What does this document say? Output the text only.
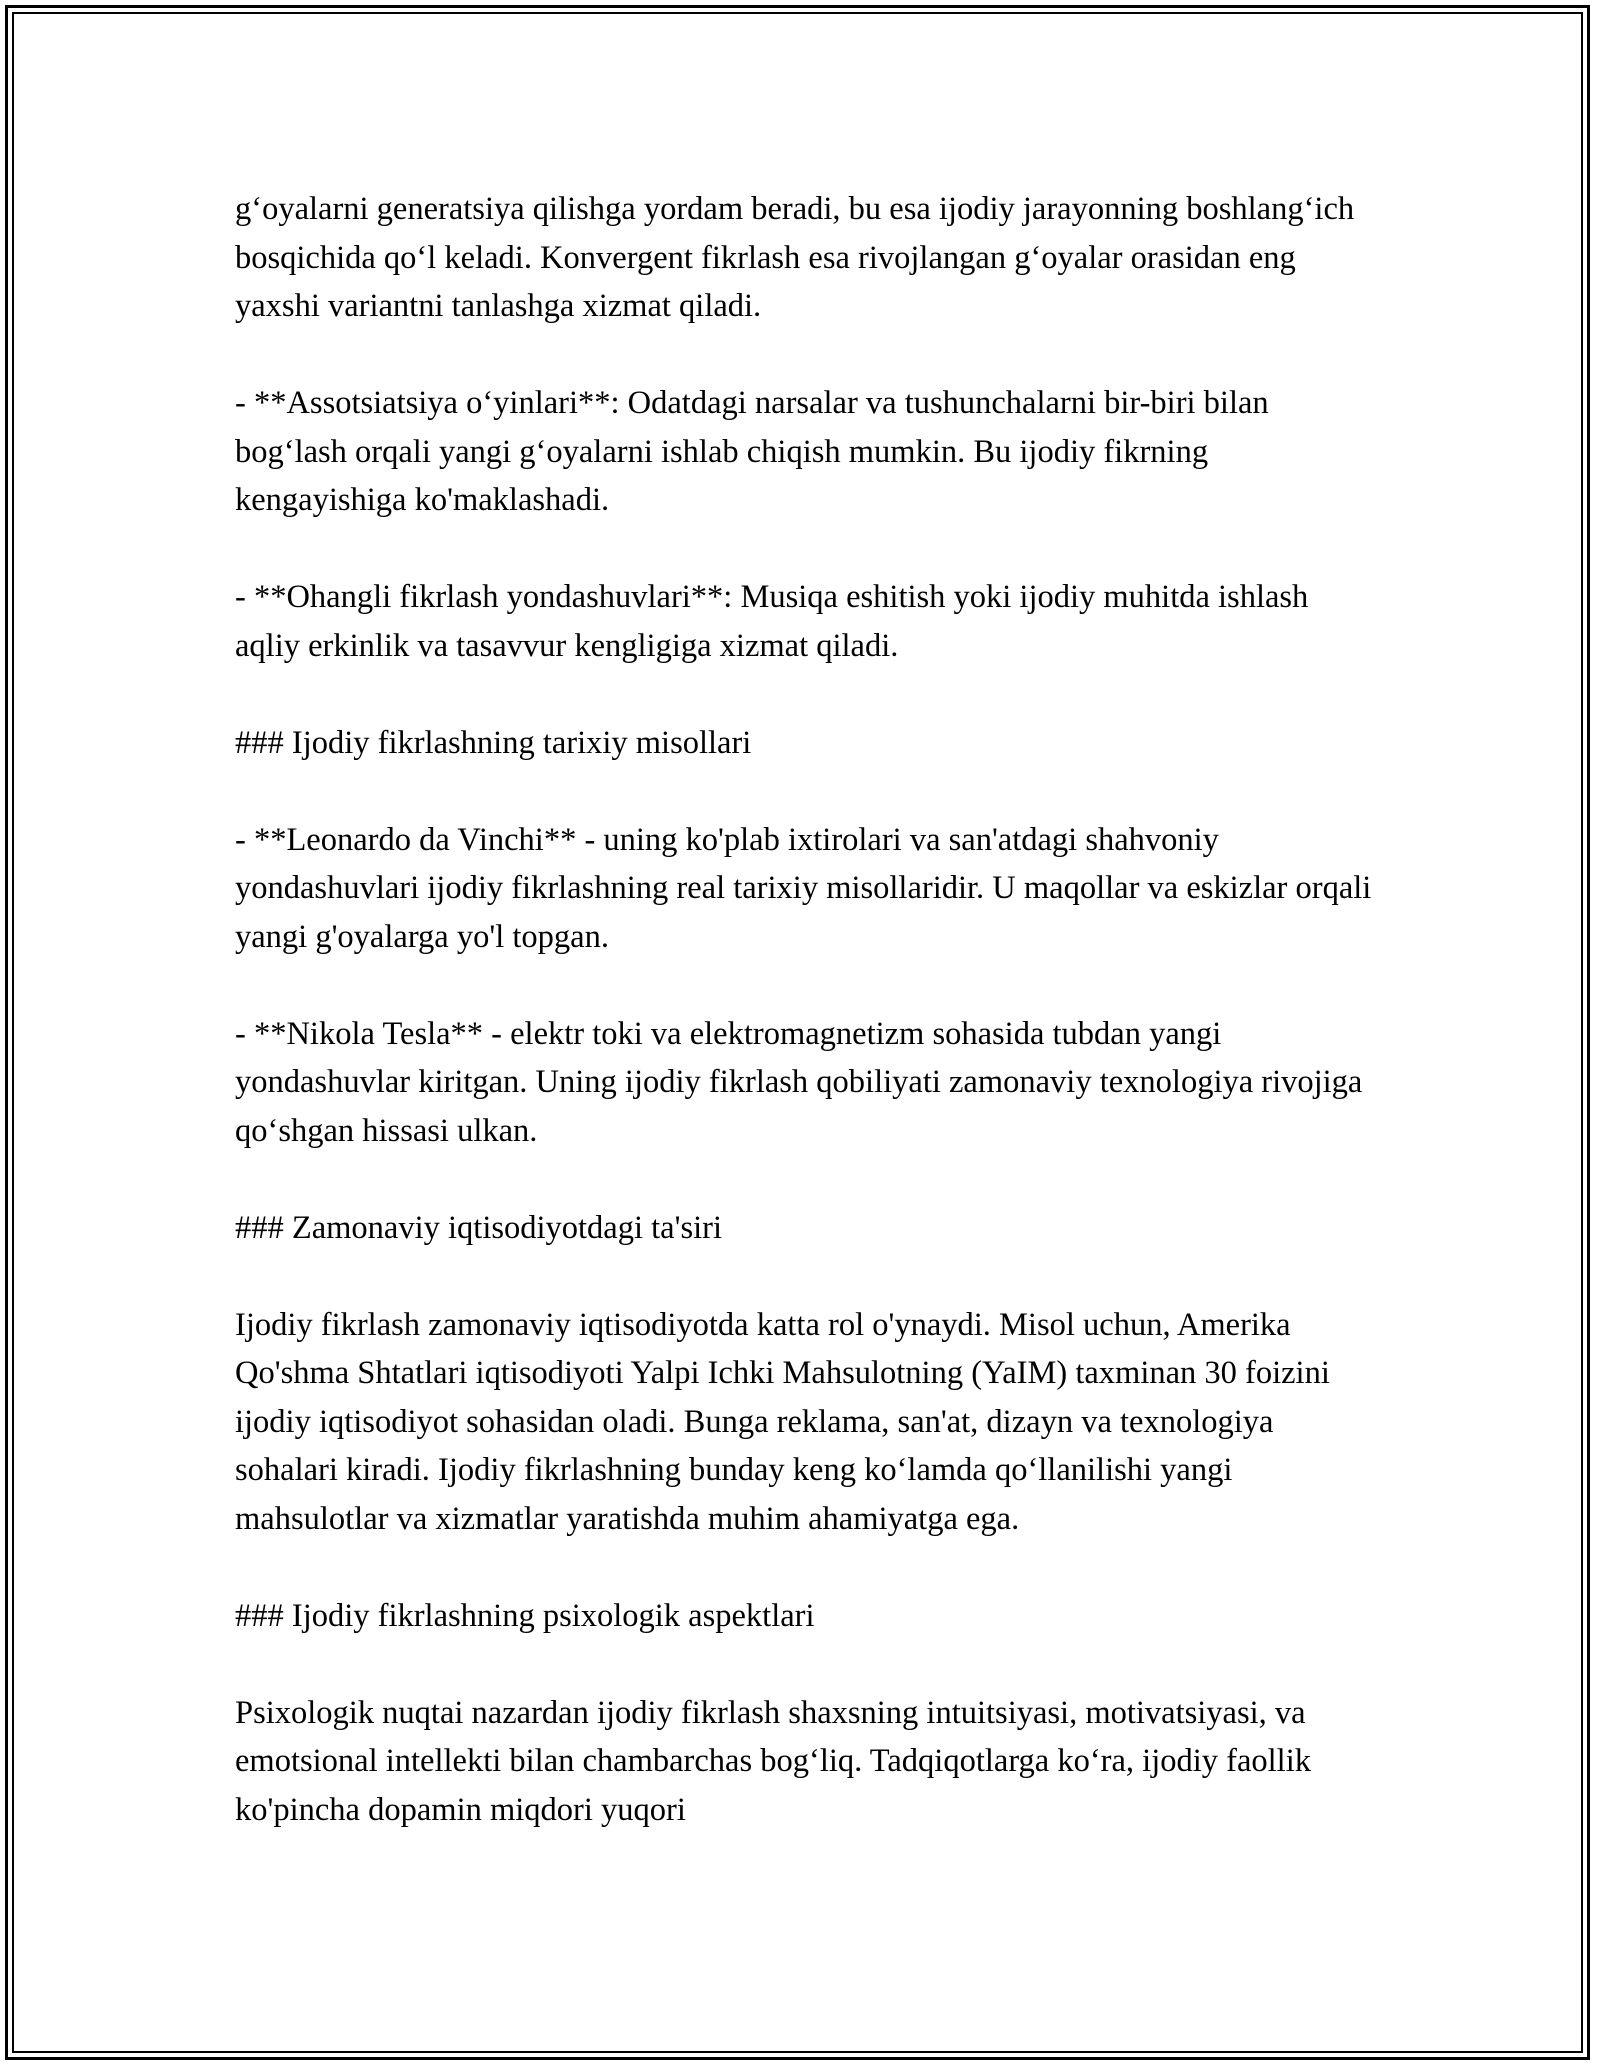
g‘oyalarni generatsiya qilishga yordam beradi, bu esa ijodiy jarayonning boshlang‘ich bosqichida qo‘l keladi. Konvergent fikrlash esa rivojlangan g‘oyalar orasidan eng yaxshi variantni tanlashga xizmat qiladi.

- **Assotsiatsiya o‘yinlari**: Odatdagi narsalar va tushunchalarni bir-biri bilan bog‘lash orqali yangi g‘oyalarni ishlab chiqish mumkin. Bu ijodiy fikrning kengayishiga ko'maklashadi.

- **Ohangli fikrlash yondashuvlari**: Musiqa eshitish yoki ijodiy muhitda ishlash aqliy erkinlik va tasavvur kengligiga xizmat qiladi.

### Ijodiy fikrlashning tarixiy misollari

- **Leonardo da Vinchi** - uning ko'plab ixtirolari va san'atdagi shahvoniy yondashuvlari ijodiy fikrlashning real tarixiy misollaridir. U maqollar va eskizlar orqali yangi g'oyalarga yo'l topgan.

- **Nikola Tesla** - elektr toki va elektromagnetizm sohasida tubdan yangi yondashuvlar kiritgan. Uning ijodiy fikrlash qobiliyati zamonaviy texnologiya rivojiga qo‘shgan hissasi ulkan.

### Zamonaviy iqtisodiyotdagi ta'siri

Ijodiy fikrlash zamonaviy iqtisodiyotda katta rol o'ynaydi. Misol uchun, Amerika Qo'shma Shtatlari iqtisodiyoti Yalpi Ichki Mahsulotning (YaIM) taxminan 30 foizini ijodiy iqtisodiyot sohasidan oladi. Bunga reklama, san'at, dizayn va texnologiya sohalari kiradi. Ijodiy fikrlashning bunday keng ko‘lamda qo‘llanilishi yangi mahsulotlar va xizmatlar yaratishda muhim ahamiyatga ega.

### Ijodiy fikrlashning psixologik aspektlari

Psixologik nuqtai nazardan ijodiy fikrlash shaxsning intuitsiyasi, motivatsiyasi, va emotsional intellekti bilan chambarchas bog‘liq. Tadqiqotlarga ko‘ra, ijodiy faollik ko'pincha dopamin miqdori yuqori
